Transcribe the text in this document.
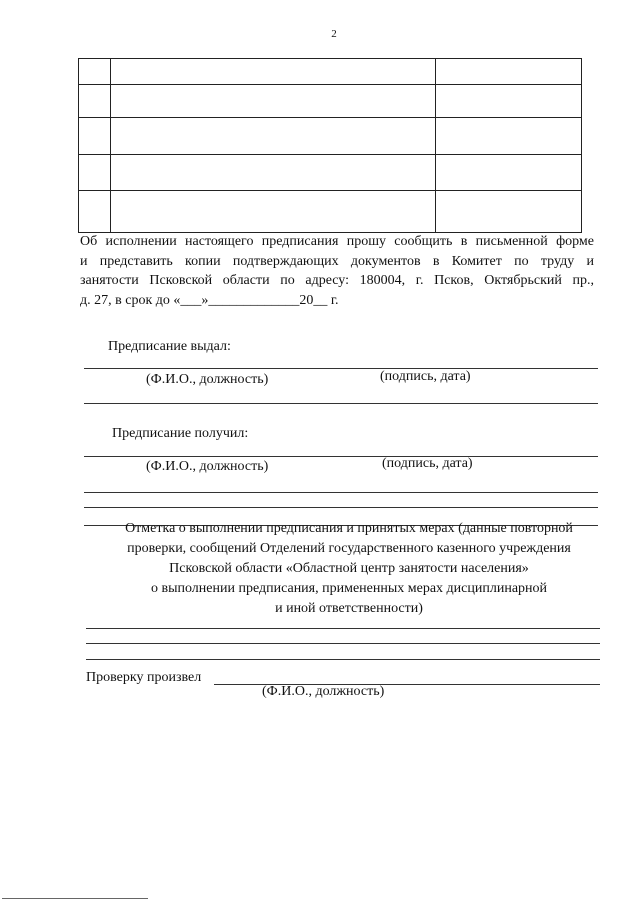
2

Об исполнении настоящего предписания прошу сообщить в письменной форме
и представить копии подтверждающих документов в Комитет по труду и
занятости Псковской области по адресу: 180004, г. Псков, Октябрьский пр.,
д. 27, в срок до «___»_____________20__ г.
Предписание выдал:
(Ф.И.О., должность)	(подпись, дата)
Предписание получил:
(Ф.И.О., должность)	(подпись, дата)
Отметка о выполнении предписания и принятых мерах (данные повторной
проверки, сообщений Отделений государственного казенного учреждения
Псковской области «Областной центр занятости населения»
о выполнении предписания, примененных мерах дисциплинарной
и иной ответственности)
Проверку произвел
(Ф.И.О., должность)
